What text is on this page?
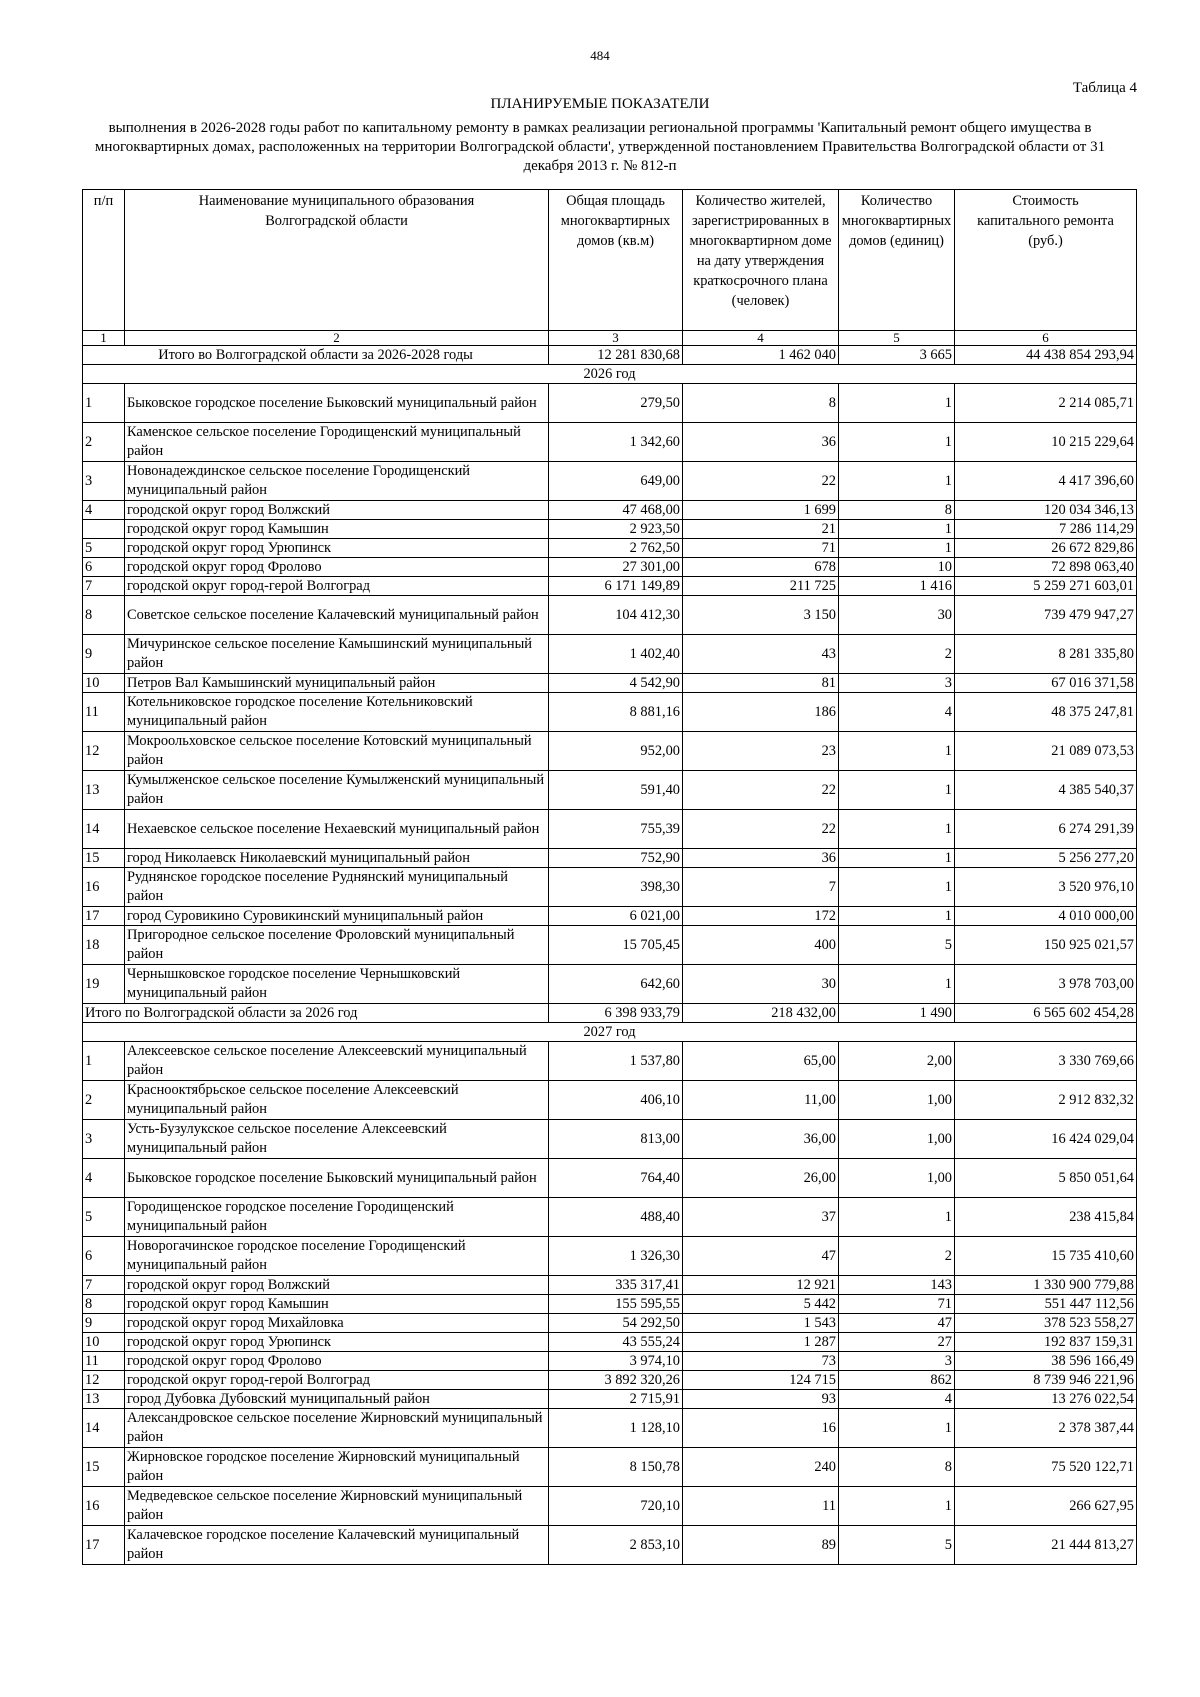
484
Таблица 4
ПЛАНИРУЕМЫЕ ПОКАЗАТЕЛИ
выполнения в 2026-2028 годы работ по капитальному ремонту в рамках реализации региональной программы 'Капитальный ремонт общего имущества в многоквартирных домах, расположенных на территории Волгоградской области', утвержденной постановлением Правительства Волгоградской области от 31 декабря 2013 г. № 812-п
п/п	Наименование муниципального образования Волгоградской области	Общая площадь многоквартирных домов (кв.м)	Количество жителей, зарегистрированных в многоквартирном доме на дату утверждения краткосрочного плана (человек)	Количество многоквартирных домов (единиц)	Стоимость капитального ремонта (руб.)
1	2	3	4	5	6
Итого во Волгоградской области за 2026-2028 годы		12 281 830,68	1 462 040	3 665	44 438 854 293,94
2026 год					
1	Быковское городское поселение Быковский муниципальный район	279,50	8	1	2 214 085,71
2	Каменское сельское поселение Городищенский муниципальный район	1 342,60	36	1	10 215 229,64
3	Новонадеждинское сельское поселение Городищенский муниципальный район	649,00	22	1	4 417 396,60
4	городской округ город Волжский	47 468,00	1 699	8	120 034 346,13
	городской округ город Камышин	2 923,50	21	1	7 286 114,29
5	городской округ город Урюпинск	2 762,50	71	1	26 672 829,86
6	городской округ город Фролово	27 301,00	678	10	72 898 063,40
7	городской округ город-герой Волгоград	6 171 149,89	211 725	1 416	5 259 271 603,01
8	Советское сельское поселение Калачевский муниципальный район	104 412,30	3 150	30	739 479 947,27
9	Мичуринское сельское поселение Камышинский муниципальный район	1 402,40	43	2	8 281 335,80
10	Петров Вал Камышинский муниципальный район	4 542,90	81	3	67 016 371,58
11	Котельниковское городское поселение Котельниковский муниципальный район	8 881,16	186	4	48 375 247,81
12	Мокроольховское сельское поселение Котовский муниципальный район	952,00	23	1	21 089 073,53
13	Кумылженское сельское поселение Кумылженский муниципальный район	591,40	22	1	4 385 540,37
14	Нехаевское сельское поселение Нехаевский муниципальный район	755,39	22	1	6 274 291,39
15	город Николаевск Николаевский муниципальный район	752,90	36	1	5 256 277,20
16	Руднянское городское поселение Руднянский муниципальный район	398,30	7	1	3 520 976,10
17	город Суровикино Суровикинский муниципальный район	6 021,00	172	1	4 010 000,00
18	Пригородное сельское поселение Фроловский муниципальный район	15 705,45	400	5	150 925 021,57
19	Чернышковское городское поселение Чернышковский муниципальный район	642,60	30	1	3 978 703,00
Итого по Волгоградской области за 2026 год		6 398 933,79	218 432,00	1 490	6 565 602 454,28
2027 год					
1	Алексеевское сельское поселение Алексеевский муниципальный район	1 537,80	65,00	2,00	3 330 769,66
2	Краснооктябрьское сельское поселение Алексеевский муниципальный район	406,10	11,00	1,00	2 912 832,32
3	Усть-Бузулукское сельское поселение Алексеевский муниципальный район	813,00	36,00	1,00	16 424 029,04
4	Быковское городское поселение Быковский муниципальный район	764,40	26,00	1,00	5 850 051,64
5	Городищенское городское поселение Городищенский муниципальный район	488,40	37	1	238 415,84
6	Новорогачинское городское поселение Городищенский муниципальный район	1 326,30	47	2	15 735 410,60
7	городской округ город Волжский	335 317,41	12 921	143	1 330 900 779,88
8	городской округ город Камышин	155 595,55	5 442	71	551 447 112,56
9	городской округ город Михайловка	54 292,50	1 543	47	378 523 558,27
10	городской округ город Урюпинск	43 555,24	1 287	27	192 837 159,31
11	городской округ город Фролово	3 974,10	73	3	38 596 166,49
12	городской округ город-герой Волгоград	3 892 320,26	124 715	862	8 739 946 221,96
13	город Дубовка Дубовский муниципальный район	2 715,91	93	4	13 276 022,54
14	Александровское сельское поселение Жирновский муниципальный район	1 128,10	16	1	2 378 387,44
15	Жирновское городское поселение Жирновский муниципальный район	8 150,78	240	8	75 520 122,71
16	Медведевское сельское поселение Жирновский муниципальный район	720,10	11	1	266 627,95
17	Калачевское городское поселение Калачевский муниципальный район	2 853,10	89	5	21 444 813,27
